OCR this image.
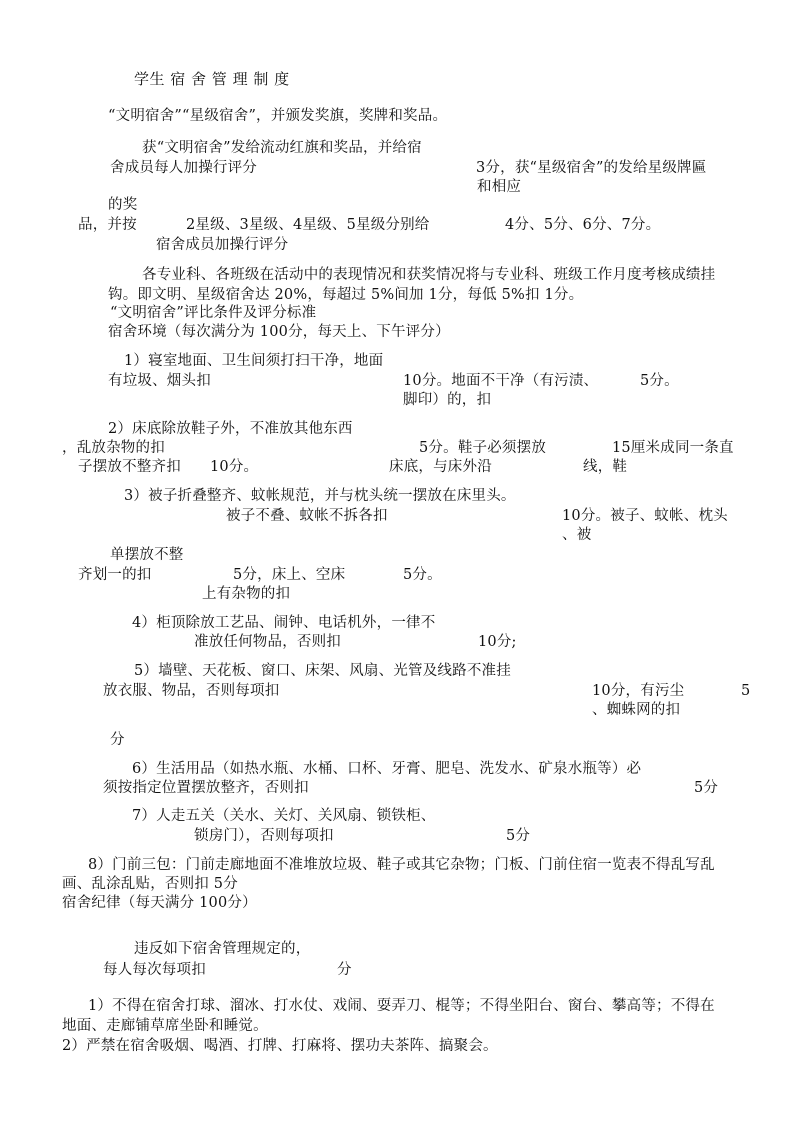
学生 宿 舍 管 理 制 度
“文明宿舍”“星级宿舍”，并颁发奖旗，奖牌和奖品。
获“文明宿舍”发给流动红旗和奖品，并给宿
舍成员每人加操行评分	3分，获“星级宿舍”的发给星级牌匾
和相应
的奖
品，并按	2星级、3星级、4星级、5星级分别给	4分、5分、6分、7分。
宿舍成员加操行评分
各专业科、各班级在活动中的表现情况和获奖情况将与专业科、班级工作月度考核成绩挂
钩。即文明、星级宿舍达 20%，每超过 5%间加 1分，每低 5%扣 1分。
“文明宿舍”评比条件及评分标准
宿舍环境（每次满分为 100分，每天上、下午评分）
1）寝室地面、卫生间须打扫干净，地面
有垃圾、烟头扣	10分。地面不干净（有污渍、	5分。
脚印）的，扣
2）床底除放鞋子外，不准放其他东西
，乱放杂物的扣	5分。鞋子必须摆放	15厘米成同一条直
子摆放不整齐扣 10分。	床底，与床外沿	线，鞋
3）被子折叠整齐、蚊帐规范，并与枕头统一摆放在床里头。
被子不叠、蚊帐不拆各扣	10分。被子、蚊帐、枕头
、被
单摆放不整
齐划一的扣	5分，床上、空床	5分。
上有杂物的扣
4）柜顶除放工艺品、闹钟、电话机外，一律不
准放任何物品，否则扣	10分;
5）墙壁、天花板、窗口、床架、风扇、光管及线路不准挂
放衣服、物品，否则每项扣	10分，有污尘	5
、蜘蛛网的扣
分
6）生活用品（如热水瓶、水桶、口杯、牙膏、肥皂、洗发水、矿泉水瓶等）必
须按指定位置摆放整齐，否则扣	5分
7）人走五关（关水、关灯、关风扇、锁铁柜、
锁房门），否则每项扣	5分
8）门前三包：门前走廊地面不准堆放垃圾、鞋子或其它杂物；门板、门前住宿一览表不得乱写乱
画、乱涂乱贴，否则扣 5分
宿舍纪律（每天满分 100分）
违反如下宿舍管理规定的，
每人每次每项扣	分
1）不得在宿舍打球、溜冰、打水仗、戏闹、耍弄刀、棍等；不得坐阳台、窗台、攀高等；不得在
地面、走廊铺草席坐卧和睡觉。
2）严禁在宿舍吸烟、喝酒、打牌、打麻将、摆功夫茶阵、搞聚会。
